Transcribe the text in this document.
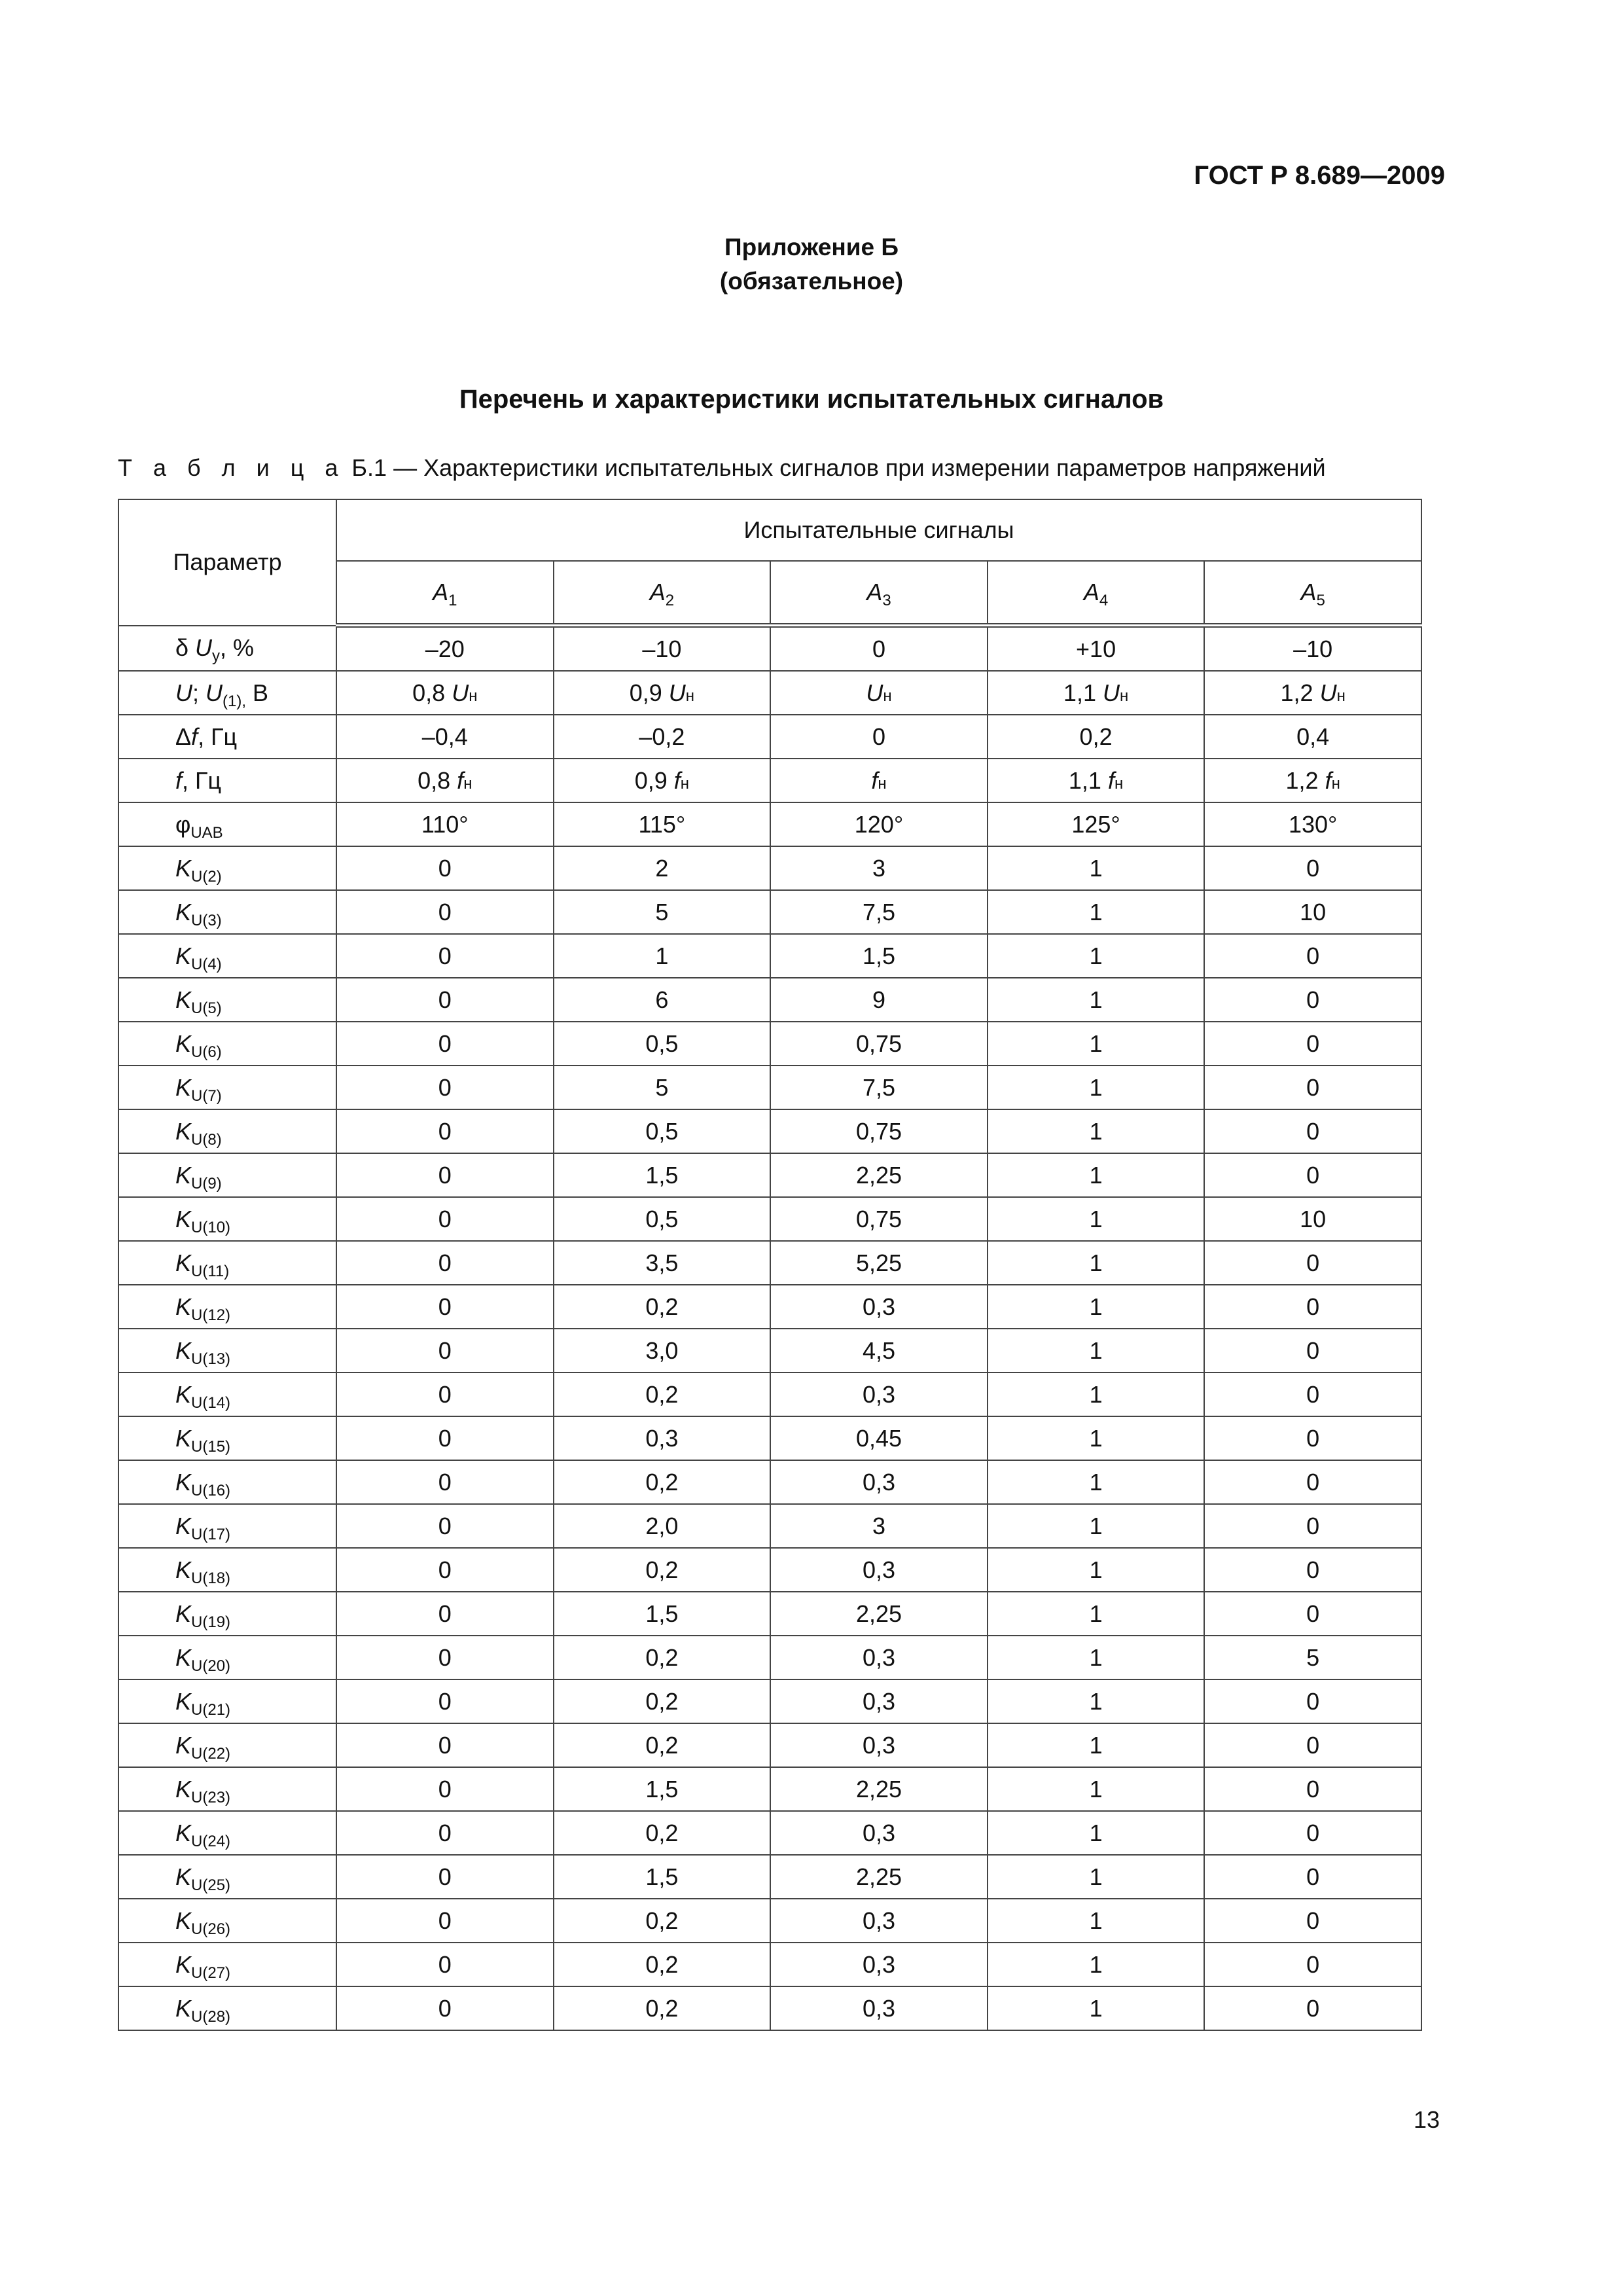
ГОСТ Р 8.689—2009
Приложение Б
(обязательное)
Перечень и характеристики испытательных сигналов
Т а б л и ц а Б.1 — Характеристики испытательных сигналов при измерении параметров напряжений
Параметр	Испытательные сигналы				
	$A_1$	$A_2$	$A_3$	$A_4$	$A_5$
δ $U_y$, %	–20	–10	0	+10	–10
U; $U_{(1),}$ В	0,8 Uн	0,9 Uн	Uн	1,1 Uн	1,2 Uн
Δf, Гц	–0,4	–0,2	0	0,2	0,4
f, Гц	0,8 fн	0,9 fн	fн	1,1 fн	1,2 fн
$\varphi_{UAB}$	110°	115°	120°	125°	130°
$K_{U(2)}$	0	2	3	1	0
$K_{U(3)}$	0	5	7,5	1	10
$K_{U(4)}$	0	1	1,5	1	0
$K_{U(5)}$	0	6	9	1	0
$K_{U(6)}$	0	0,5	0,75	1	0
$K_{U(7)}$	0	5	7,5	1	0
$K_{U(8)}$	0	0,5	0,75	1	0
$K_{U(9)}$	0	1,5	2,25	1	0
$K_{U(10)}$	0	0,5	0,75	1	10
$K_{U(11)}$	0	3,5	5,25	1	0
$K_{U(12)}$	0	0,2	0,3	1	0
$K_{U(13)}$	0	3,0	4,5	1	0
$K_{U(14)}$	0	0,2	0,3	1	0
$K_{U(15)}$	0	0,3	0,45	1	0
$K_{U(16)}$	0	0,2	0,3	1	0
$K_{U(17)}$	0	2,0	3	1	0
$K_{U(18)}$	0	0,2	0,3	1	0
$K_{U(19)}$	0	1,5	2,25	1	0
$K_{U(20)}$	0	0,2	0,3	1	5
$K_{U(21)}$	0	0,2	0,3	1	0
$K_{U(22)}$	0	0,2	0,3	1	0
$K_{U(23)}$	0	1,5	2,25	1	0
$K_{U(24)}$	0	0,2	0,3	1	0
$K_{U(25)}$	0	1,5	2,25	1	0
$K_{U(26)}$	0	0,2	0,3	1	0
$K_{U(27)}$	0	0,2	0,3	1	0
$K_{U(28)}$	0	0,2	0,3	1	0
13
